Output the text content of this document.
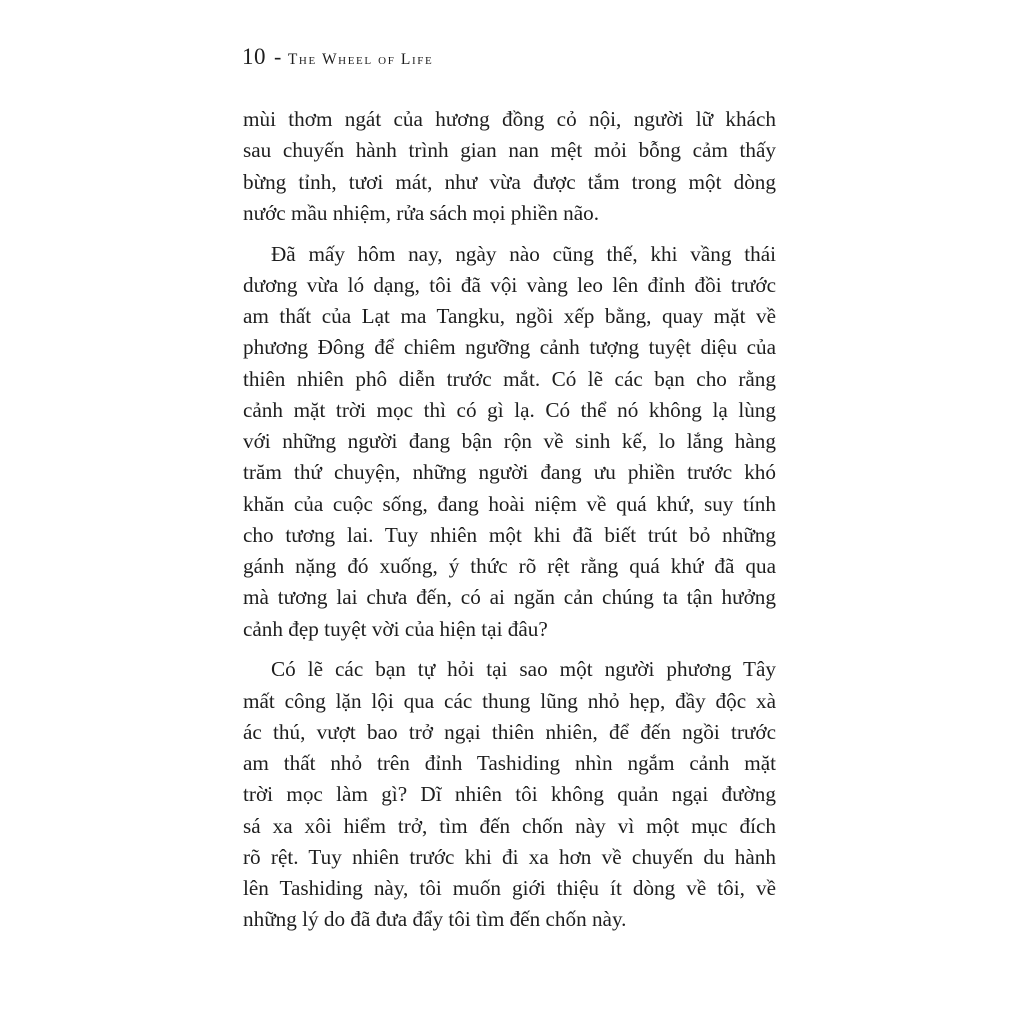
10 - The Wheel of Life
mùi thơm ngát của hương đồng cỏ nội, người lữ khách
sau chuyến hành trình gian nan mệt mỏi bỗng cảm thấy
bừng tỉnh, tươi mát, như vừa được tắm trong một dòng
nước mầu nhiệm, rửa sách mọi phiền não.
Đã mấy hôm nay, ngày nào cũng thế, khi vầng thái
dương vừa ló dạng, tôi đã vội vàng leo lên đỉnh đồi trước
am thất của Lạt ma Tangku, ngồi xếp bằng, quay mặt về
phương Đông để chiêm ngưỡng cảnh tượng tuyệt diệu của
thiên nhiên phô diễn trước mắt. Có lẽ các bạn cho rằng
cảnh mặt trời mọc thì có gì lạ. Có thể nó không lạ lùng
với những người đang bận rộn về sinh kế, lo lắng hàng
trăm thứ chuyện, những người đang ưu phiền trước khó
khăn của cuộc sống, đang hoài niệm về quá khứ, suy tính
cho tương lai. Tuy nhiên một khi đã biết trút bỏ những
gánh nặng đó xuống, ý thức rõ rệt rằng quá khứ đã qua
mà tương lai chưa đến, có ai ngăn cản chúng ta tận hưởng
cảnh đẹp tuyệt vời của hiện tại đâu?
Có lẽ các bạn tự hỏi tại sao một người phương Tây
mất công lặn lội qua các thung lũng nhỏ hẹp, đầy độc xà
ác thú, vượt bao trở ngại thiên nhiên, để đến ngồi trước
am thất nhỏ trên đỉnh Tashiding nhìn ngắm cảnh mặt
trời mọc làm gì? Dĩ nhiên tôi không quản ngại đường
sá xa xôi hiểm trở, tìm đến chốn này vì một mục đích
rõ rệt. Tuy nhiên trước khi đi xa hơn về chuyến du hành
lên Tashiding này, tôi muốn giới thiệu ít dòng về tôi, về
những lý do đã đưa đẩy tôi tìm đến chốn này.
